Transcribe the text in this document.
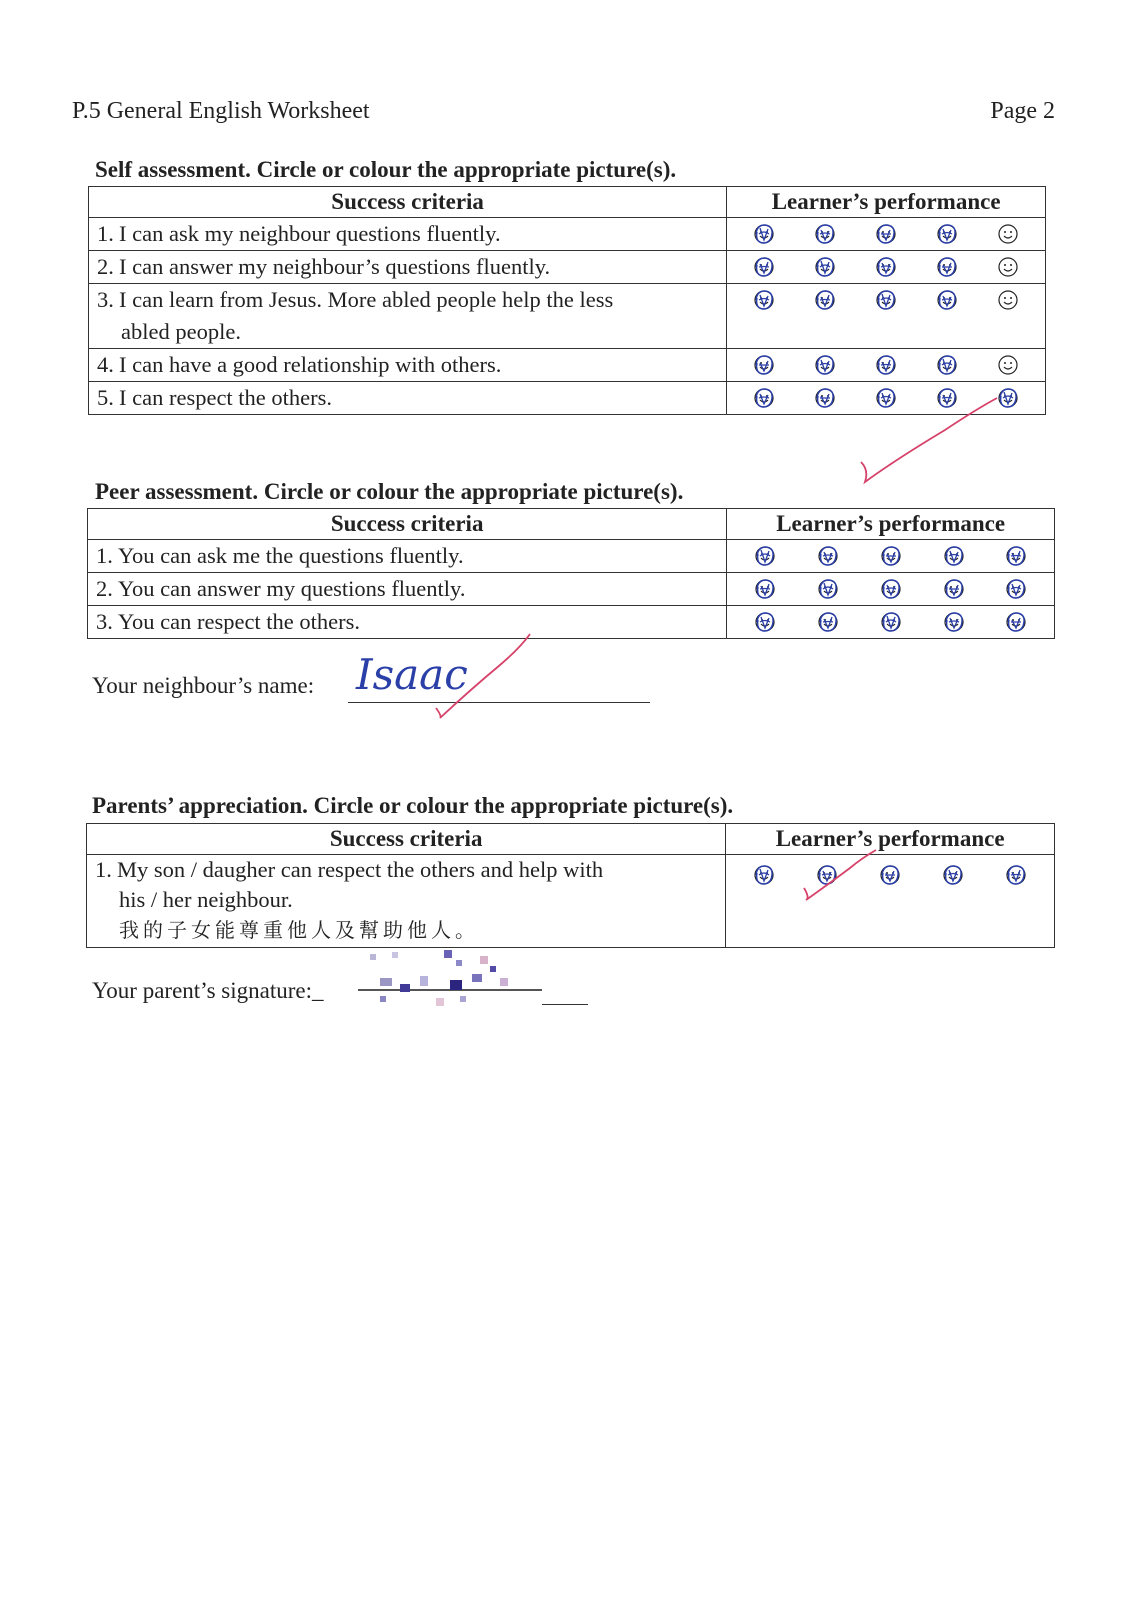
P.5 General English Worksheet	Page 2
Self assessment. Circle or colour the appropriate picture(s).
Success criteria	Learner’s performance
1. I can ask my neighbour questions fluently.	

2. I can answer my neighbour’s questions fluently.	

3. I can learn from Jesus. More abled people help the less
abled people.

4. I can have a good relationship with others.	

5. I can respect the others.	
Peer assessment. Circle or colour the appropriate picture(s).
Success criteria	Learner’s performance
1. You can ask me the questions fluently.	

2. You can answer my questions fluently.	

3. You can respect the others.	
Your neighbour’s name: Isaac
Parents’ appreciation. Circle or colour the appropriate picture(s).
Success criteria	Learner’s performance
1. My son / daugher can respect the others and help with
his / her neighbour.
我的子女能尊重他人及幫助他人。

Your parent’s signature:_
